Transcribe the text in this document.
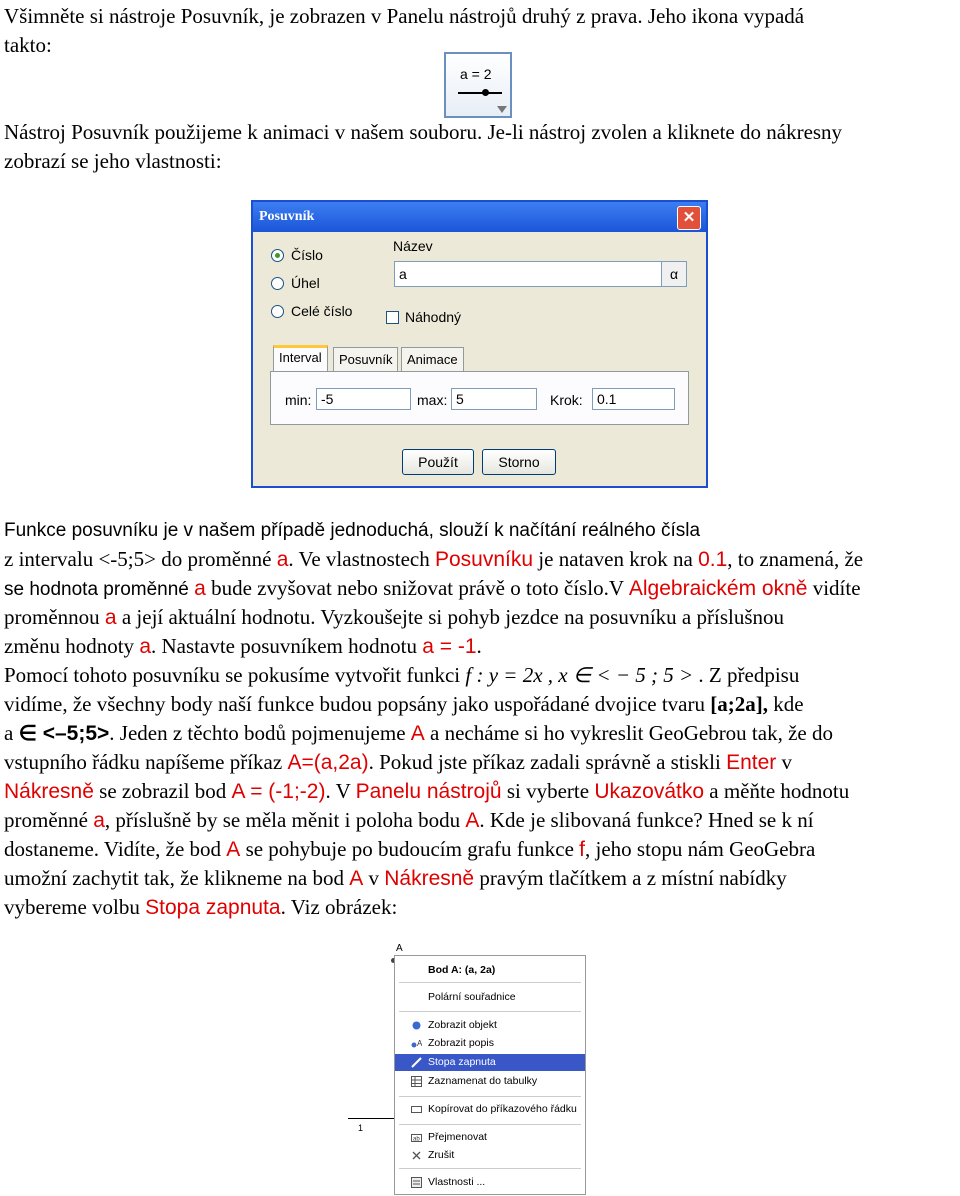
Všimněte si nástroje Posuvník, je zobrazen v Panelu nástrojů druhý z prava. Jeho ikona vypadá
takto:
a = 2
Nástroj Posuvník použijeme k animaci v našem souboru. Je-li nástroj zvolen a kliknete do nákresny
zobrazí se jeho vlastnosti:
Posuvník	✕
Číslo
Úhel
Celé číslo
Název
a	α
Náhodný
Interval	Posuvník	Animace
min: -5	max: 5	Krok:	0.1
Použít	Storno
Funkce posuvníku je v našem případě jednoduchá, slouží k načítání reálného čísla
z intervalu <-5;5> do proměnné a. Ve vlastnostech Posuvníku je nataven krok na 0.1, to znamená, že
se hodnota proměnné a bude zvyšovat nebo snižovat právě o toto číslo.V Algebraickém okně vidíte
proměnnou a a její aktuální hodnotu. Vyzkoušejte si pohyb jezdce na posuvníku a příslušnou
změnu hodnoty a. Nastavte posuvníkem hodnotu a = -1.
Pomocí tohoto posuvníku se pokusíme vytvořit funkci f : y = 2x , x ∈ < − 5 ; 5 > . Z předpisu
vidíme, že všechny body naší funkce budou popsány jako uspořádané dvojice tvaru [a;2a], kde
a ∈ <–5;5>. Jeden z těchto bodů pojmenujeme A a necháme si ho vykreslit GeoGebrou tak, že do
vstupního řádku napíšeme příkaz A=(a,2a). Pokud jste příkaz zadali správně a stiskli Enter v
Nákresně se zobrazil bod A = (-1;-2). V Panelu nástrojů si vyberte Ukazovátko a měňte hodnotu
proměnné a, příslušně by se měla měnit i poloha bodu A. Kde je slibovaná funkce? Hned se k ní
dostaneme. Vidíte, že bod A se pohybuje po budoucím grafu funkce f, jeho stopu nám GeoGebra
umožní zachytit tak, že klikneme na bod A v Nákresně pravým tlačítkem a z místní nabídky
vybereme volbu Stopa zapnuta. Viz obrázek:
A
1
Bod A: (a, 2a)
Polární souřadnice
Zobrazit objekt
A Zobrazit popis
Stopa zapnuta
Zaznamenat do tabulky
Kopírovat do příkazového řádku
ab Přejmenovat
Zrušit
Vlastnosti ...
